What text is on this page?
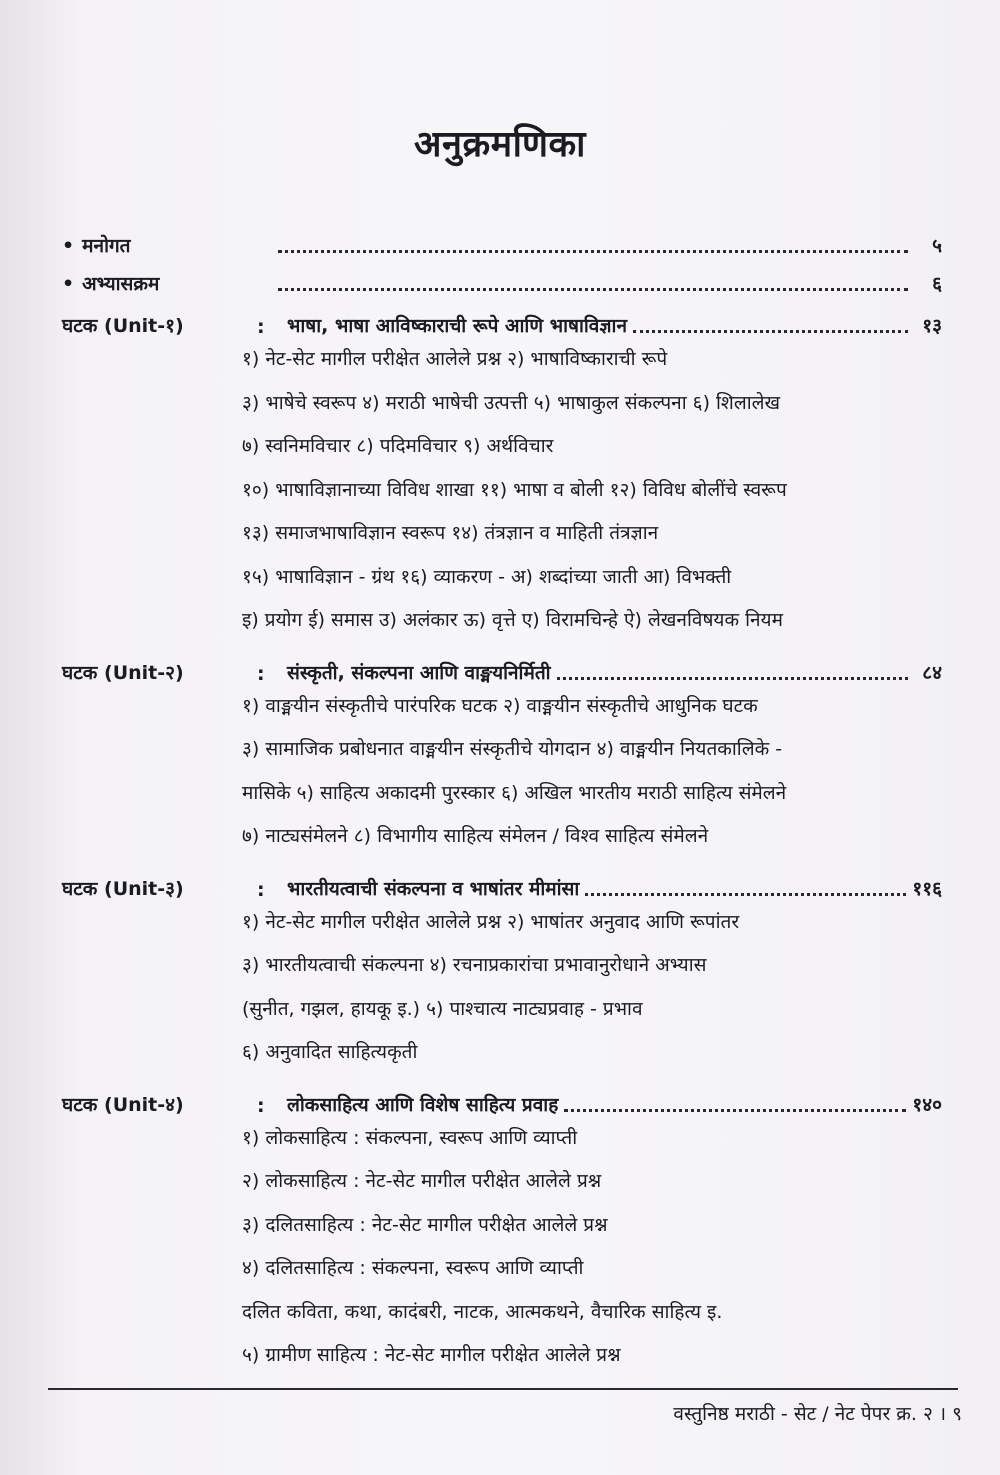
अनुक्रमणिका
• मनोगत	५
• अभ्यासक्रम	६
घटक (Unit-१)	:	भाषा, भाषा आविष्काराची रूपे आणि भाषाविज्ञान	१३
१) नेट-सेट मागील परीक्षेत आलेले प्रश्न २) भाषाविष्काराची रूपे
३) भाषेचे स्वरूप ४) मराठी भाषेची उत्पत्ती ५) भाषाकुल संकल्पना ६) शिलालेख
७) स्वनिमविचार ८) पदिमविचार ९) अर्थविचार
१०) भाषाविज्ञानाच्या विविध शाखा ११) भाषा व बोली १२) विविध बोलींचे स्वरूप
१३) समाजभाषाविज्ञान स्वरूप १४) तंत्रज्ञान व माहिती तंत्रज्ञान
१५) भाषाविज्ञान - ग्रंथ १६) व्याकरण - अ) शब्दांच्या जाती आ) विभक्ती
इ) प्रयोग ई) समास उ) अलंकार ऊ) वृत्ते ए) विरामचिन्हे ऐ) लेखनविषयक नियम
घटक (Unit-२)	:	संस्कृती, संकल्पना आणि वाङ्मयनिर्मिती	८४
१) वाङ्मयीन संस्कृतीचे पारंपरिक घटक २) वाङ्मयीन संस्कृतीचे आधुनिक घटक
३) सामाजिक प्रबोधनात वाङ्मयीन संस्कृतीचे योगदान ४) वाङ्मयीन नियतकालिके -
मासिके ५) साहित्य अकादमी पुरस्कार ६) अखिल भारतीय मराठी साहित्य संमेलने
७) नाट्यसंमेलने ८) विभागीय साहित्य संमेलन / विश्व साहित्य संमेलने
घटक (Unit-३)	:	भारतीयत्वाची संकल्पना व भाषांतर मीमांसा	११६
१) नेट-सेट मागील परीक्षेत आलेले प्रश्न २) भाषांतर अनुवाद आणि रूपांतर
३) भारतीयत्वाची संकल्पना ४) रचनाप्रकारांचा प्रभावानुरोधाने अभ्यास
(सुनीत, गझल, हायकू इ.) ५) पाश्चात्य नाट्यप्रवाह - प्रभाव
६) अनुवादित साहित्यकृती
घटक (Unit-४)	:	लोकसाहित्य आणि विशेष साहित्य प्रवाह	१४०
१) लोकसाहित्य : संकल्पना, स्वरूप आणि व्याप्ती
२) लोकसाहित्य : नेट-सेट मागील परीक्षेत आलेले प्रश्न
३) दलितसाहित्य : नेट-सेट मागील परीक्षेत आलेले प्रश्न
४) दलितसाहित्य : संकल्पना, स्वरूप आणि व्याप्ती
दलित कविता, कथा, कादंबरी, नाटक, आत्मकथने, वैचारिक साहित्य इ.
५) ग्रामीण साहित्य : नेट-सेट मागील परीक्षेत आलेले प्रश्न
वस्तुनिष्ठ मराठी - सेट / नेट पेपर क्र. २ । ९
